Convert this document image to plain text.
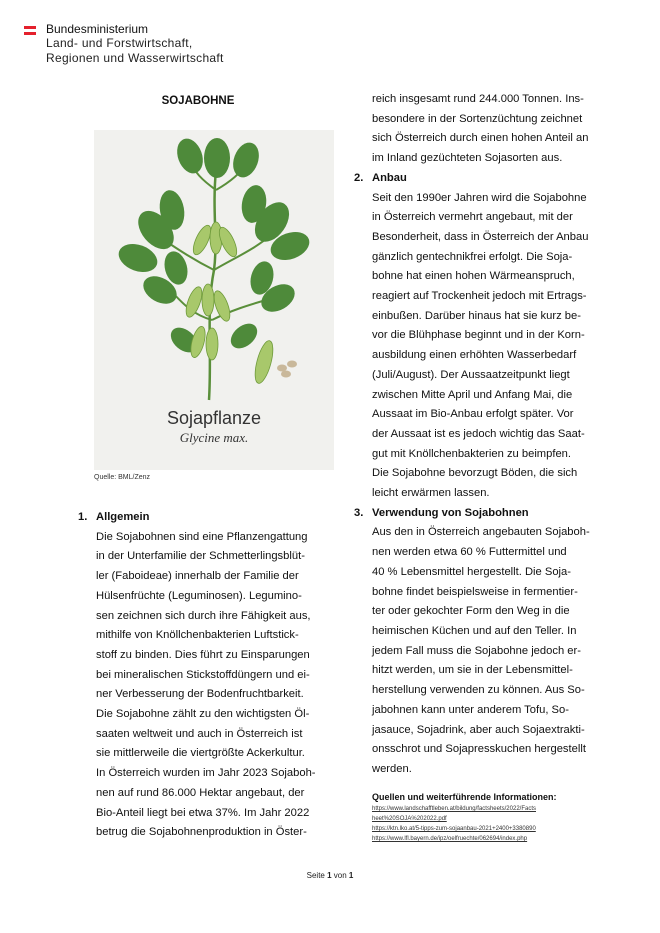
Bundesministerium
Land- und Forstwirtschaft,
Regionen und Wasserwirtschaft
SOJABOHNE
Sojapflanze
Glycine max.
Quelle: BML/Zenz
1. Allgemein
Die Sojabohnen sind eine Pflanzengattung
in der Unterfamilie der Schmetterlingsblüt-
ler (Faboideae) innerhalb der Familie der
Hülsenfrüchte (Leguminosen). Legumino-
sen zeichnen sich durch ihre Fähigkeit aus,
mithilfe von Knöllchenbakterien Luftstick-
stoff zu binden. Dies führt zu Einsparungen
bei mineralischen Stickstoffdüngern und ei-
ner Verbesserung der Bodenfruchtbarkeit.
Die Sojabohne zählt zu den wichtigsten Öl-
saaten weltweit und auch in Österreich ist
sie mittlerweile die viertgrößte Ackerkultur.
In Österreich wurden im Jahr 2023 Sojaboh-
nen auf rund 86.000 Hektar angebaut, der
Bio-Anteil liegt bei etwa 37%. Im Jahr 2022
betrug die Sojabohnenproduktion in Öster-
reich insgesamt rund 244.000 Tonnen. Ins-
besondere in der Sortenzüchtung zeichnet
sich Österreich durch einen hohen Anteil an
im Inland gezüchteten Sojasorten aus.
2. Anbau
Seit den 1990er Jahren wird die Sojabohne
in Österreich vermehrt angebaut, mit der
Besonderheit, dass in Österreich der Anbau
gänzlich gentechnikfrei erfolgt. Die Soja-
bohne hat einen hohen Wärmeanspruch,
reagiert auf Trockenheit jedoch mit Ertrags-
einbußen. Darüber hinaus hat sie kurz be-
vor die Blühphase beginnt und in der Korn-
ausbildung einen erhöhten Wasserbedarf
(Juli/August). Der Aussaatzeitpunkt liegt
zwischen Mitte April und Anfang Mai, die
Aussaat im Bio-Anbau erfolgt später. Vor
der Aussaat ist es jedoch wichtig das Saat-
gut mit Knöllchenbakterien zu beimpfen.
Die Sojabohne bevorzugt Böden, die sich
leicht erwärmen lassen.
3. Verwendung von Sojabohnen
Aus den in Österreich angebauten Sojaboh-
nen werden etwa 60 % Futtermittel und
40 % Lebensmittel hergestellt. Die Soja-
bohne findet beispielsweise in fermentier-
ter oder gekochter Form den Weg in die
heimischen Küchen und auf den Teller. In
jedem Fall muss die Sojabohne jedoch er-
hitzt werden, um sie in der Lebensmittel-
herstellung verwenden zu können. Aus So-
jabohnen kann unter anderem Tofu, So-
jasauce, Sojadrink, aber auch Sojaextrakti-
onsschrot und Sojapresskuchen hergestellt
werden.
Quellen und weiterführende Informationen:
https://www.landschafftleben.at/bildung/factsheets/2022/Facts
heet%20SOJA%202022.pdf
https://ktn.lko.at/5-tipps-zum-sojaanbau-2021+2400+3380890
https://www.lfl.bayern.de/ipz/oelfruechte/062694/index.php
Seite 1 von 1
